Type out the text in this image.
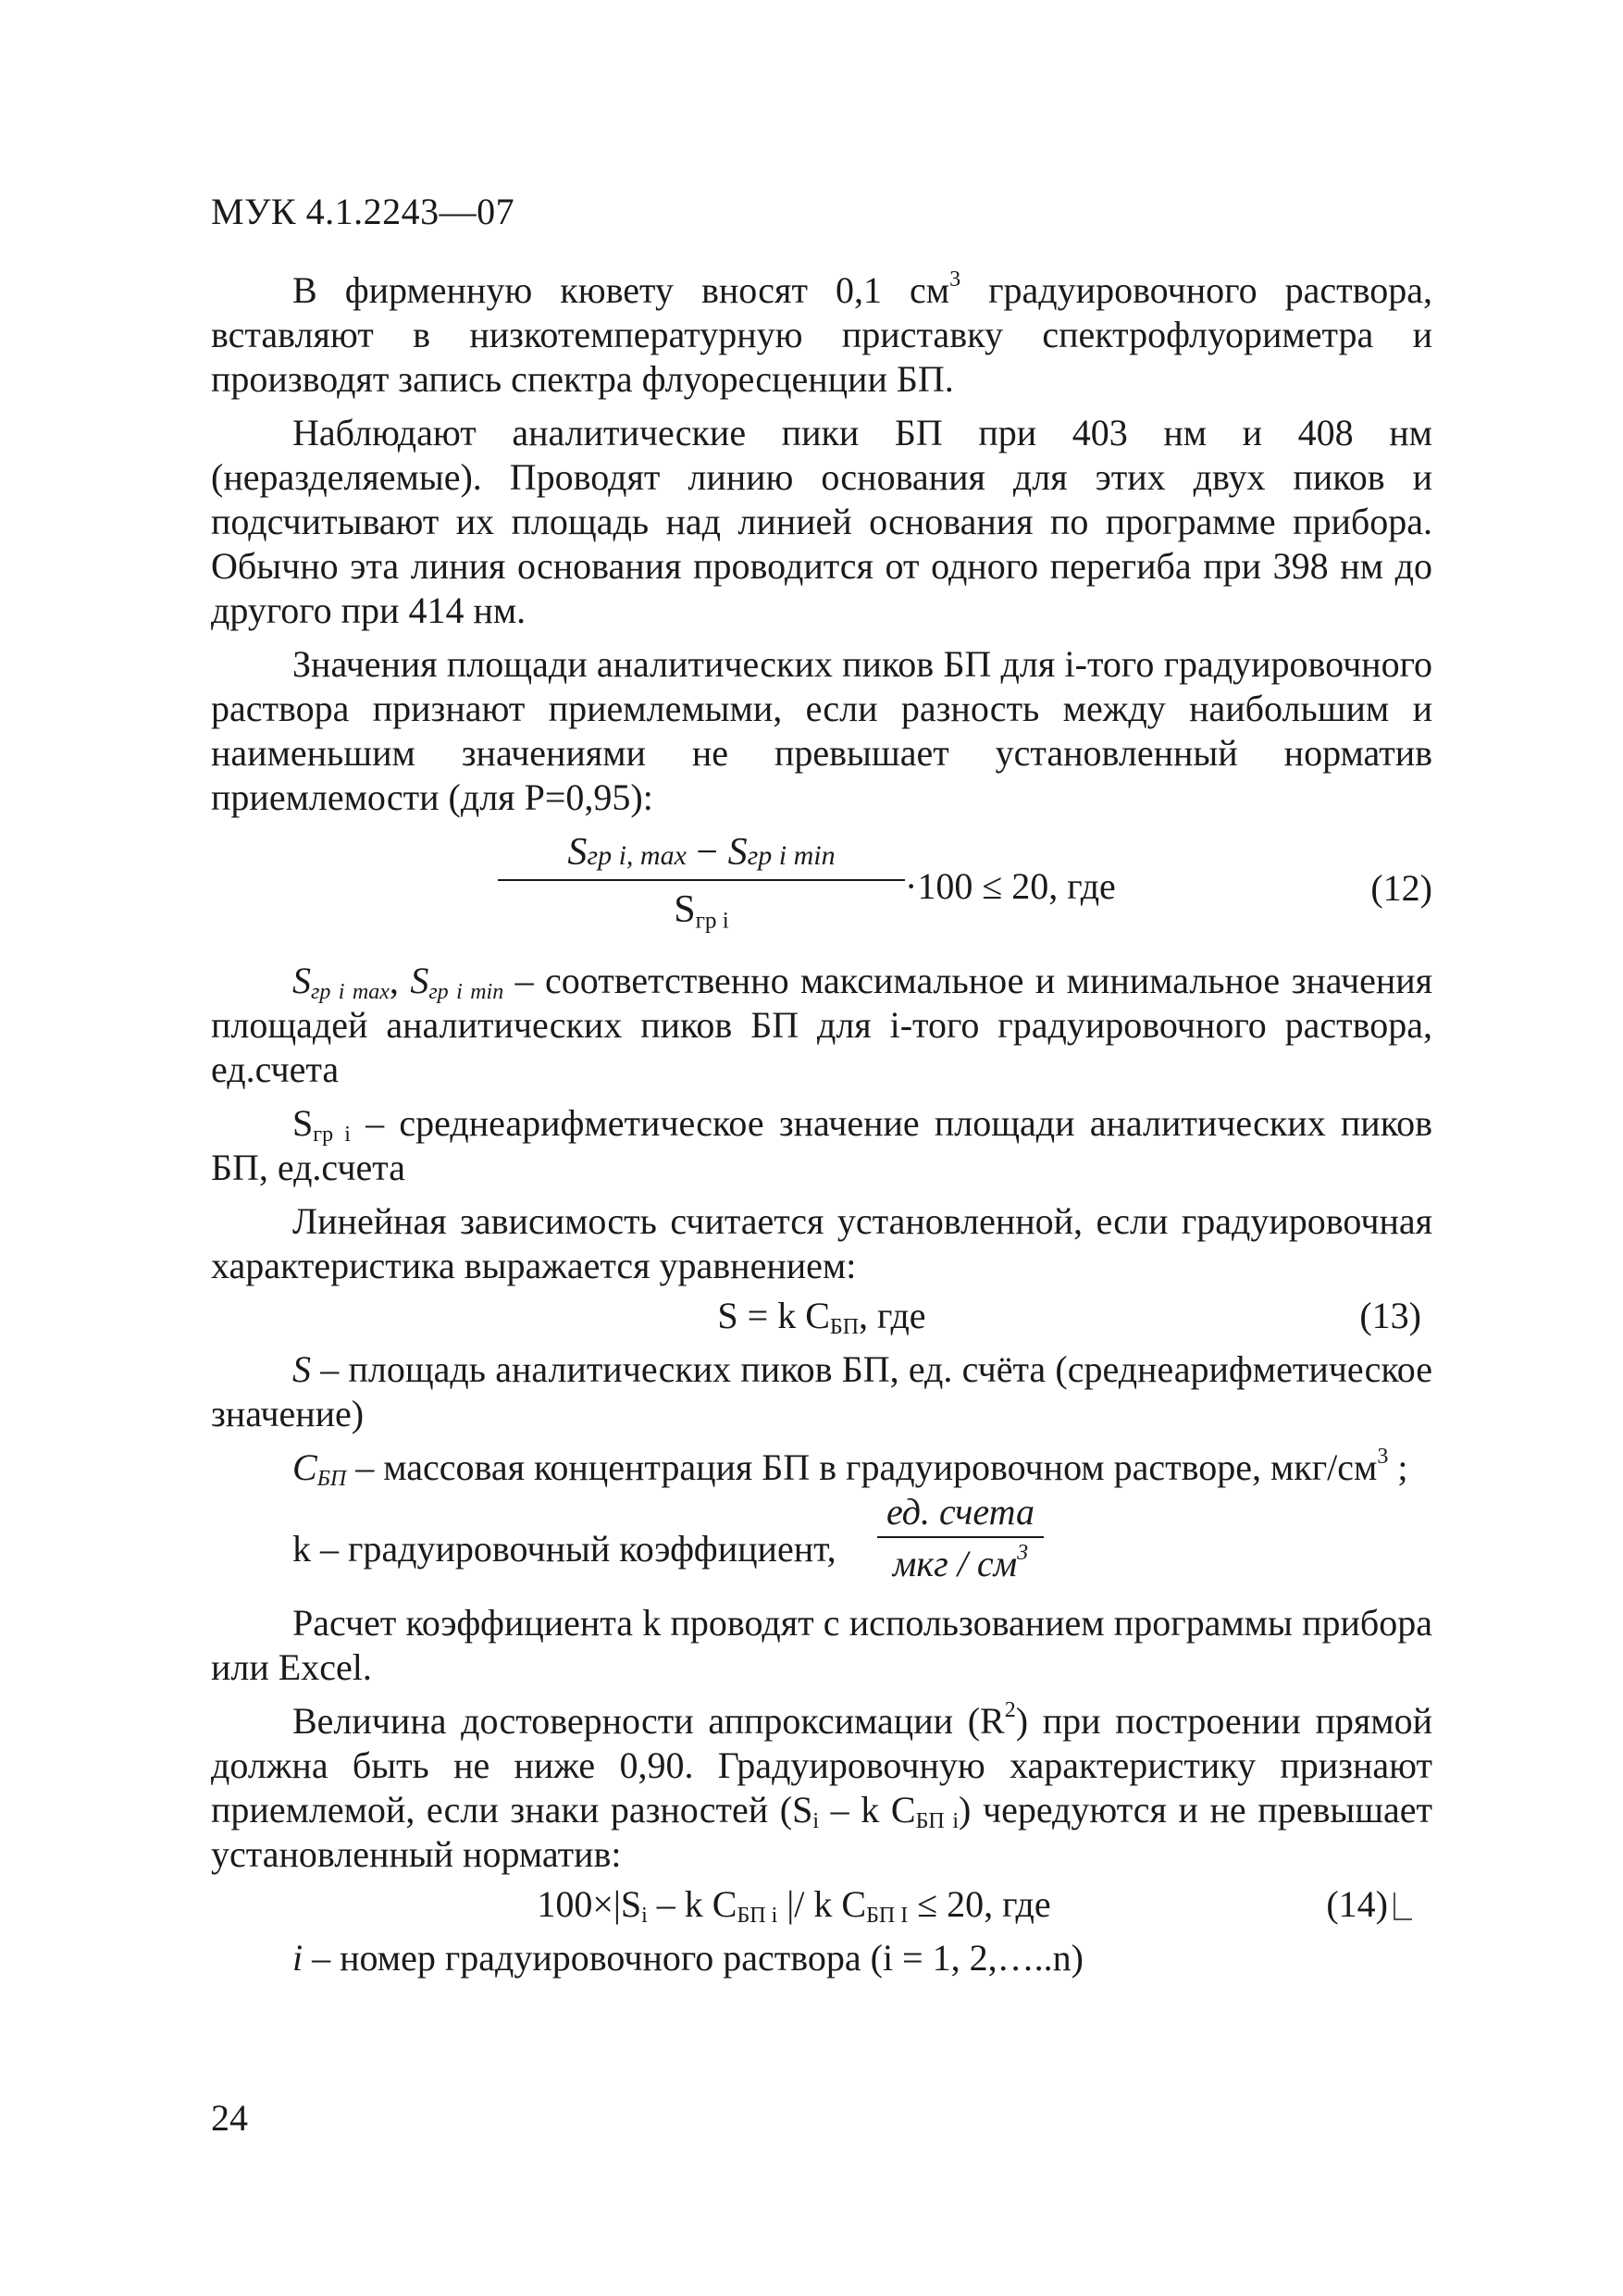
МУК 4.1.2243—07

В фирменную кювету вносят 0,1 $см^3$ градуировочного раствора, вставляют в низкотемпературную приставку спектрофлуориметра и производят запись спектра флуоресценции БП.

Наблюдают аналитические пики БП при 403 нм и 408 нм (неразделяемые). Проводят линию основания для этих двух пиков и подсчитывают их площадь над линией основания по программе прибора. Обычно эта линия основания проводится от одного перегиба при 398 нм до другого при 414 нм.

Значения площади аналитических пиков БП для i-того градуировочного раствора признают приемлемыми, если разность между наибольшим и наименьшим значениями не превышает установленный норматив приемлемости (для Р=0,95):

Sгр i, max − Sгр i min
$S_{гр i}$
·100 ≤ 20, где	(12)

$S_{гр i max}$, $S_{гр i min}$ – соответственно максимальное и минимальное значения площадей аналитических пиков БП для i-того градуировочного раствора, ед.счета

$S_{гр i}$ – среднеарифметическое значение площади аналитических пиков БП, ед.счета

Линейная зависимость считается установленной, если градуировочная характеристика выражается уравнением:

S = k $C_{БП}$, где	(13)

S – площадь аналитических пиков БП, ед. счёта (среднеарифметическое значение)

$С_{БП}$ – массовая концентрация БП в градуировочном растворе, мкг/$см^3$ ;

k – градуировочный коэффициент,
ед. счета
мкг / $см^3$

Расчет коэффициента k проводят с использованием программы прибора или Excel.

Величина достоверности аппроксимации $(R^2)$ при построении прямой должна быть не ниже 0,90. Градуировочную характеристику признают приемлемой, если знаки разностей ($S_i$ – k $C_{БП i}$) чередуются и не превышает установленный норматив:

$100\times|S_i - k$ $C_{БП i}$ |/ k $C_{БП I} \le 20$, где	(14)

i – номер градуировочного раствора (i = 1, 2,…..n)

24
